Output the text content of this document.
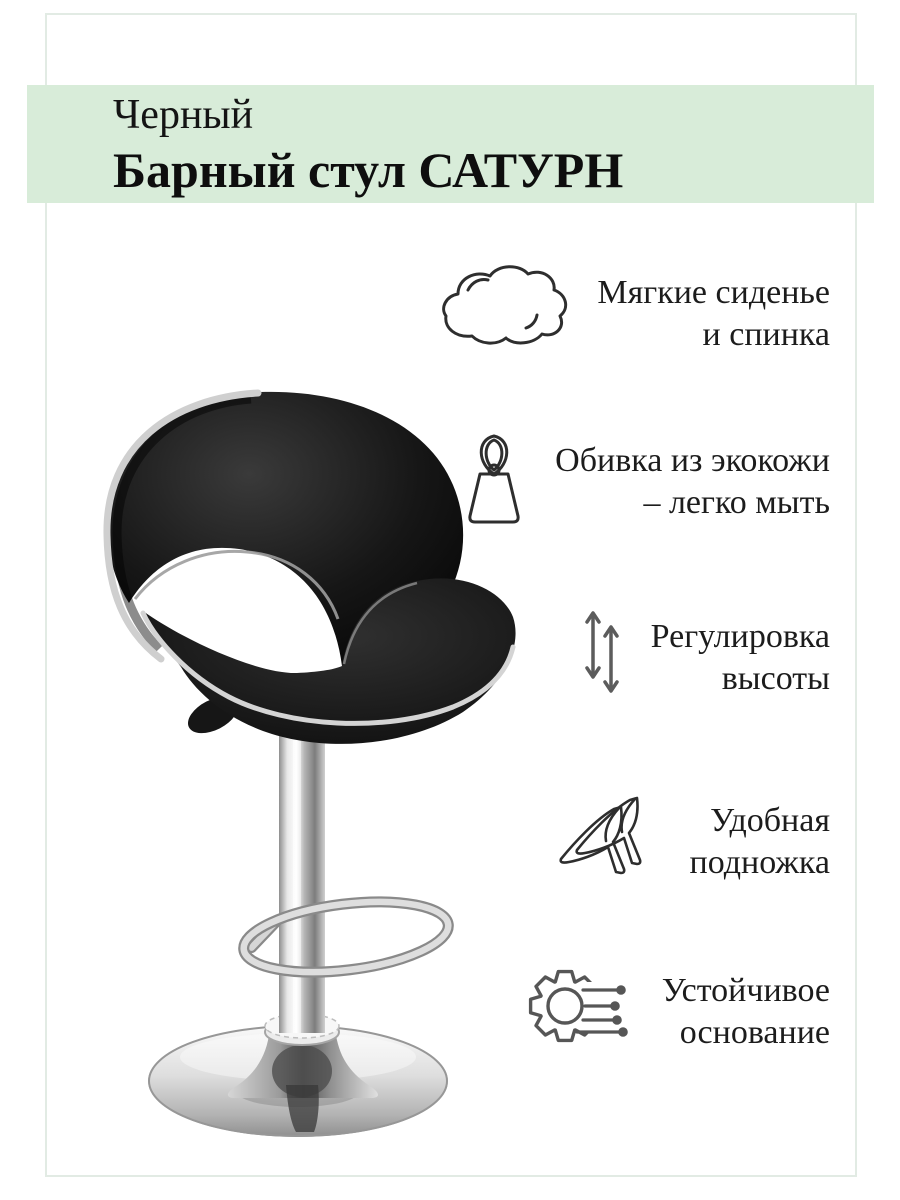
Черный
Барный стул САТУРН
Мягкие сиденье
и спинка
Обивка из экокожи
– легко мыть
Регулировка
высоты
Удобная
подножка
Устойчивое
основание
